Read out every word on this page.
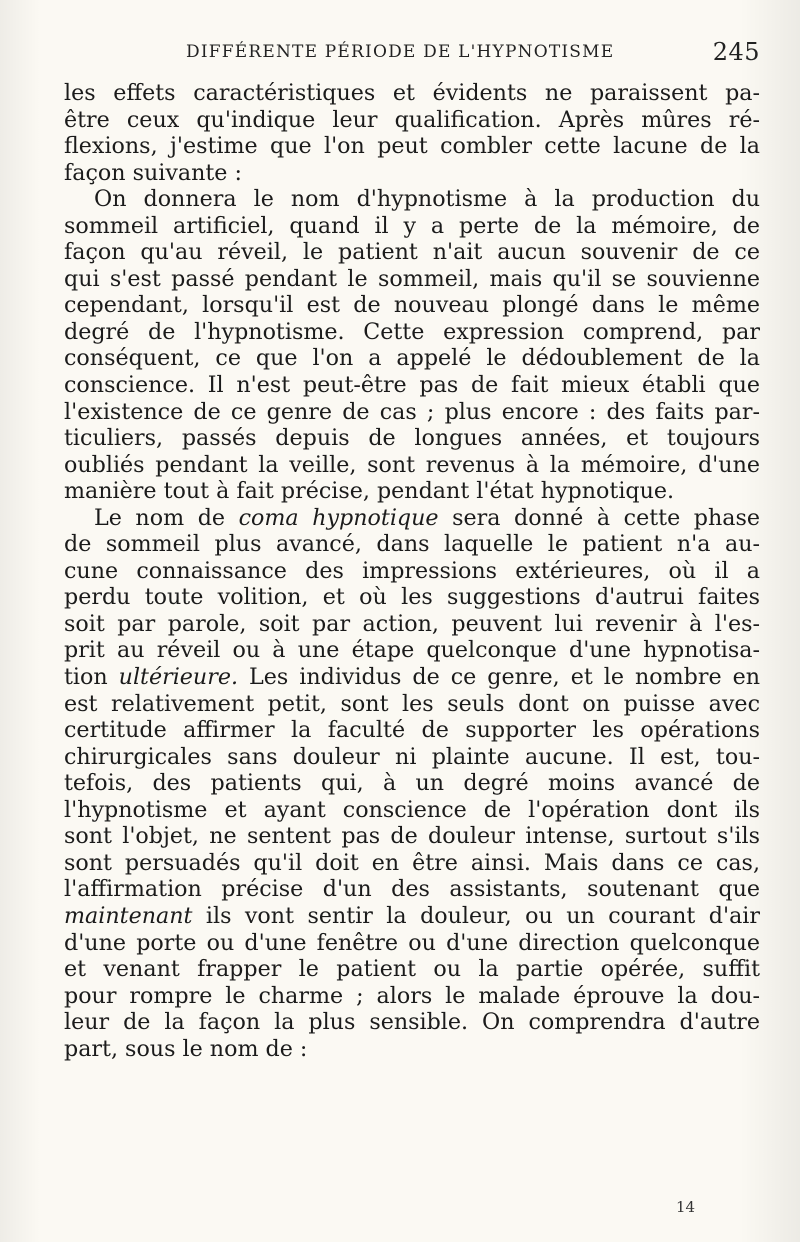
DIFFÉRENTE PÉRIODE DE L'HYPNOTISME	245
les effets caractéristiques et évidents ne paraissent pa-
être ceux qu'indique leur qualification. Après mûres ré-
flexions, j'estime que l'on peut combler cette lacune de la
façon suivante :
On donnera le nom d'hypnotisme à la production du
sommeil artificiel, quand il y a perte de la mémoire, de
façon qu'au réveil, le patient n'ait aucun souvenir de ce
qui s'est passé pendant le sommeil, mais qu'il se souvienne
cependant, lorsqu'il est de nouveau plongé dans le même
degré de l'hypnotisme. Cette expression comprend, par
conséquent, ce que l'on a appelé le dédoublement de la
conscience. Il n'est peut-être pas de fait mieux établi que
l'existence de ce genre de cas ; plus encore : des faits par-
ticuliers, passés depuis de longues années, et toujours
oubliés pendant la veille, sont revenus à la mémoire, d'une
manière tout à fait précise, pendant l'état hypnotique.
Le nom de coma hypnotique sera donné à cette phase
de sommeil plus avancé, dans laquelle le patient n'a au-
cune connaissance des impressions extérieures, où il a
perdu toute volition, et où les suggestions d'autrui faites
soit par parole, soit par action, peuvent lui revenir à l'es-
prit au réveil ou à une étape quelconque d'une hypnotisa-
tion ultérieure. Les individus de ce genre, et le nombre en
est relativement petit, sont les seuls dont on puisse avec
certitude affirmer la faculté de supporter les opérations
chirurgicales sans douleur ni plainte aucune. Il est, tou-
tefois, des patients qui, à un degré moins avancé de
l'hypnotisme et ayant conscience de l'opération dont ils
sont l'objet, ne sentent pas de douleur intense, surtout s'ils
sont persuadés qu'il doit en être ainsi. Mais dans ce cas,
l'affirmation précise d'un des assistants, soutenant que
maintenant ils vont sentir la douleur, ou un courant d'air
d'une porte ou d'une fenêtre ou d'une direction quelconque
et venant frapper le patient ou la partie opérée, suffit
pour rompre le charme ; alors le malade éprouve la dou-
leur de la façon la plus sensible. On comprendra d'autre
part, sous le nom de :
14
